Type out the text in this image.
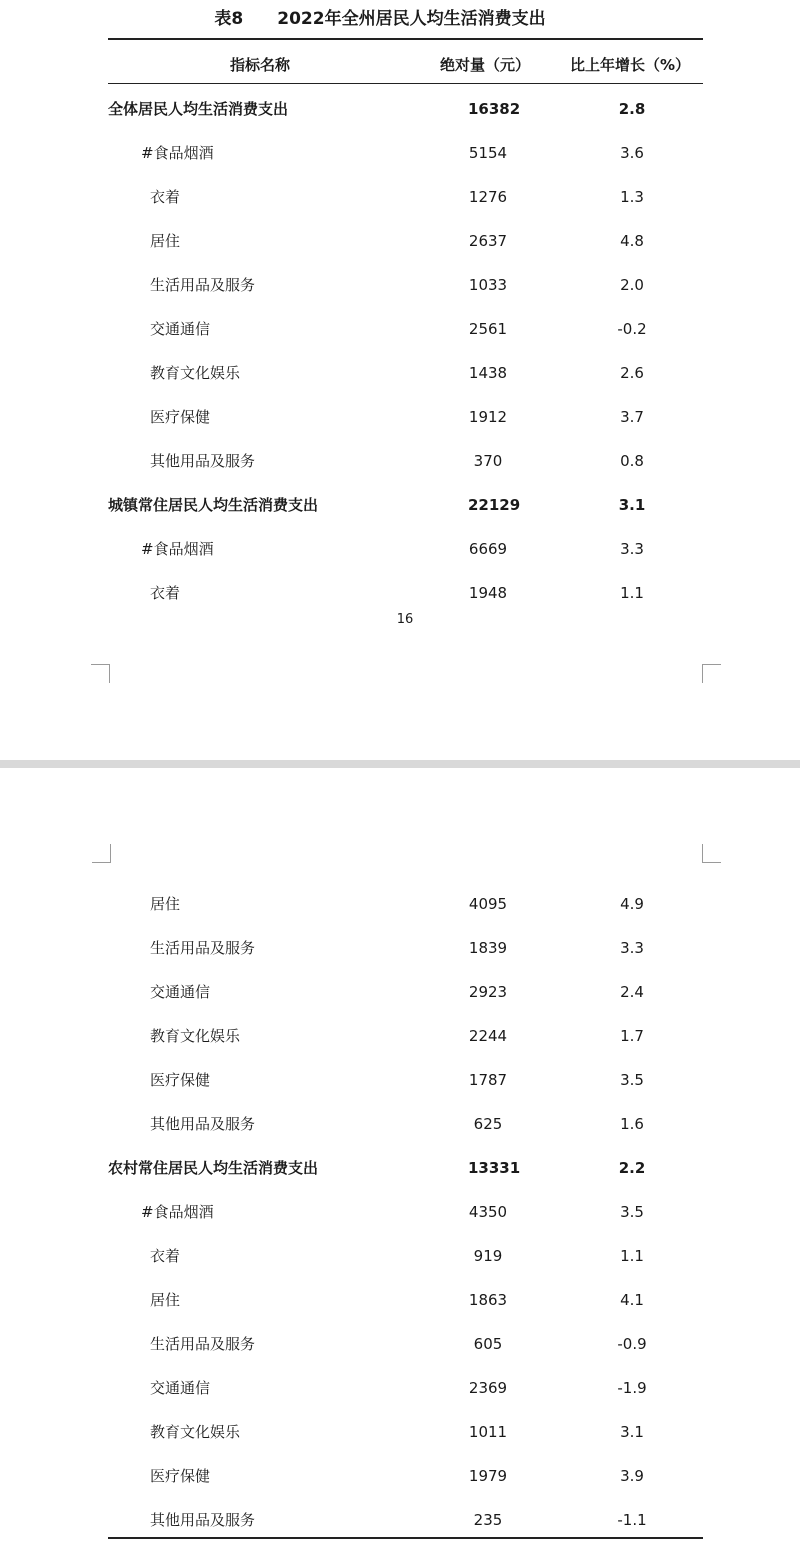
表8　　2022年全州居民人均生活消费支出
指标名称	绝对量（元）	比上年增长（%）
全体居民人均生活消费支出	16382	2.8
#食品烟酒	5154	3.6
衣着	1276	1.3
居住	2637	4.8
生活用品及服务	1033	2.0
交通通信	2561	-0.2
教育文化娱乐	1438	2.6
医疗保健	1912	3.7
其他用品及服务	370	0.8
城镇常住居民人均生活消费支出	22129	3.1
#食品烟酒	6669	3.3
衣着	1948	1.1
16
居住	4095	4.9
生活用品及服务	1839	3.3
交通通信	2923	2.4
教育文化娱乐	2244	1.7
医疗保健	1787	3.5
其他用品及服务	625	1.6
农村常住居民人均生活消费支出	13331	2.2
#食品烟酒	4350	3.5
衣着	919	1.1
居住	1863	4.1
生活用品及服务	605	-0.9
交通通信	2369	-1.9
教育文化娱乐	1011	3.1
医疗保健	1979	3.9
其他用品及服务	235	-1.1
